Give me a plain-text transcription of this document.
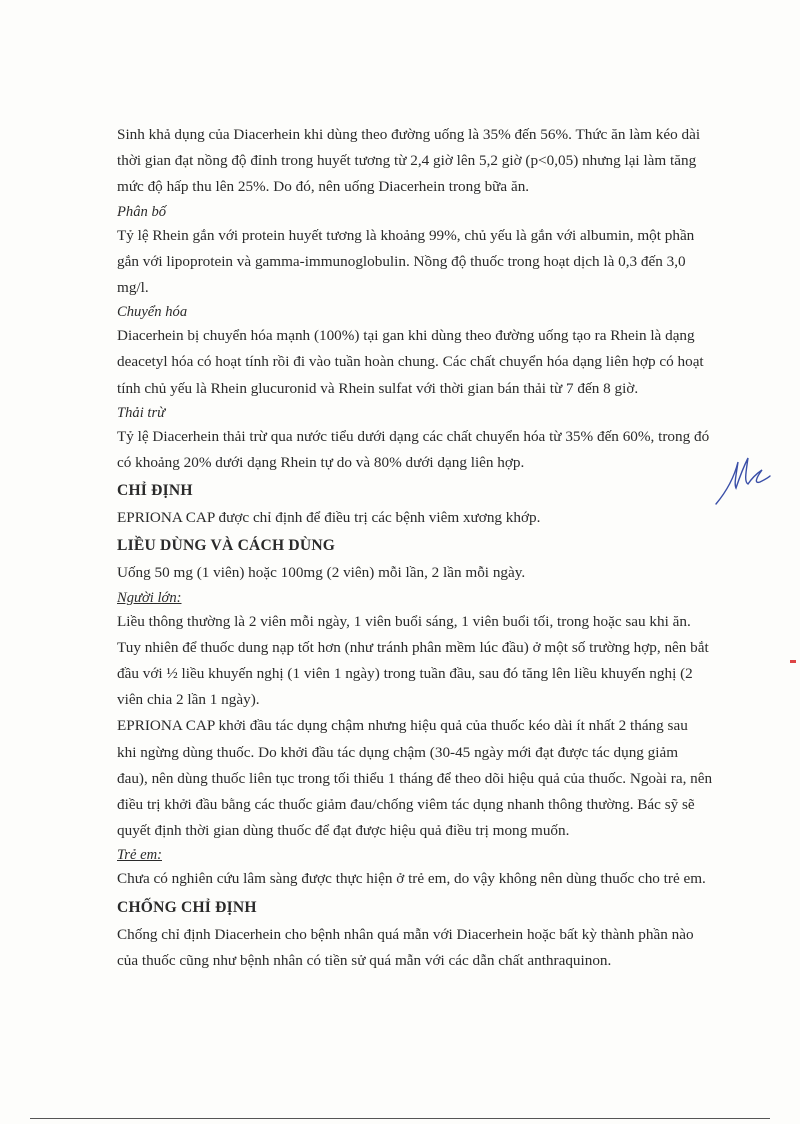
Sinh khả dụng của Diacerhein khi dùng theo đường uống là 35% đến 56%. Thức ăn làm kéo dài

thời gian đạt nồng độ đỉnh trong huyết tương từ 2,4 giờ lên 5,2 giờ (p<0,05) nhưng lại làm tăng

mức độ hấp thu lên 25%. Do đó, nên uống Diacerhein trong bữa ăn.

Phân bố

Tỷ lệ Rhein gắn với protein huyết tương là khoảng 99%, chủ yếu là gắn với albumin, một phần

gắn với lipoprotein và gamma-immunoglobulin. Nồng độ thuốc trong hoạt dịch là 0,3 đến 3,0

mg/l.

Chuyển hóa

Diacerhein bị chuyển hóa mạnh (100%) tại gan khi dùng theo đường uống tạo ra Rhein là dạng

deacetyl hóa có hoạt tính rồi đi vào tuần hoàn chung. Các chất chuyển hóa dạng liên hợp có hoạt

tính chủ yếu là Rhein glucuronid và Rhein sulfat với thời gian bán thải từ 7 đến 8 giờ.

Thải trừ

Tỷ lệ Diacerhein thải trừ qua nước tiểu dưới dạng các chất chuyển hóa từ 35% đến 60%, trong đó

có khoảng 20% dưới dạng Rhein tự do và 80% dưới dạng liên hợp.

CHỈ ĐỊNH

EPRIONA CAP được chỉ định để điều trị các bệnh viêm xương khớp.

LIỀU DÙNG VÀ CÁCH DÙNG

Uống 50 mg (1 viên) hoặc 100mg (2 viên) mỗi lần, 2 lần mỗi ngày.

Người lớn:

Liều thông thường là 2 viên mỗi ngày, 1 viên buổi sáng, 1 viên buổi tối, trong hoặc sau khi ăn.

Tuy nhiên để thuốc dung nạp tốt hơn (như tránh phân mềm lúc đầu) ở một số trường hợp, nên bắt

đầu với ½ liều khuyến nghị (1 viên 1 ngày) trong tuần đầu, sau đó tăng lên liều khuyến nghị (2

viên chia 2 lần 1 ngày).

EPRIONA CAP khởi đầu tác dụng chậm nhưng hiệu quả của thuốc kéo dài ít nhất 2 tháng sau

khi ngừng dùng thuốc. Do khởi đầu tác dụng chậm (30-45 ngày mới đạt được tác dụng giảm

đau), nên dùng thuốc liên tục trong tối thiểu 1 tháng để theo dõi hiệu quả của thuốc. Ngoài ra, nên

điều trị khởi đầu bằng các thuốc giảm đau/chống viêm tác dụng nhanh thông thường. Bác sỹ sẽ

quyết định thời gian dùng thuốc để đạt được hiệu quả điều trị mong muốn.

Trẻ em:

Chưa có nghiên cứu lâm sàng được thực hiện ở trẻ em, do vậy không nên dùng thuốc cho trẻ em.

CHỐNG CHỈ ĐỊNH

Chống chỉ định Diacerhein cho bệnh nhân quá mẫn với Diacerhein hoặc bất kỳ thành phần nào

của thuốc cũng như bệnh nhân có tiền sử quá mẫn với các dẫn chất anthraquinon.
